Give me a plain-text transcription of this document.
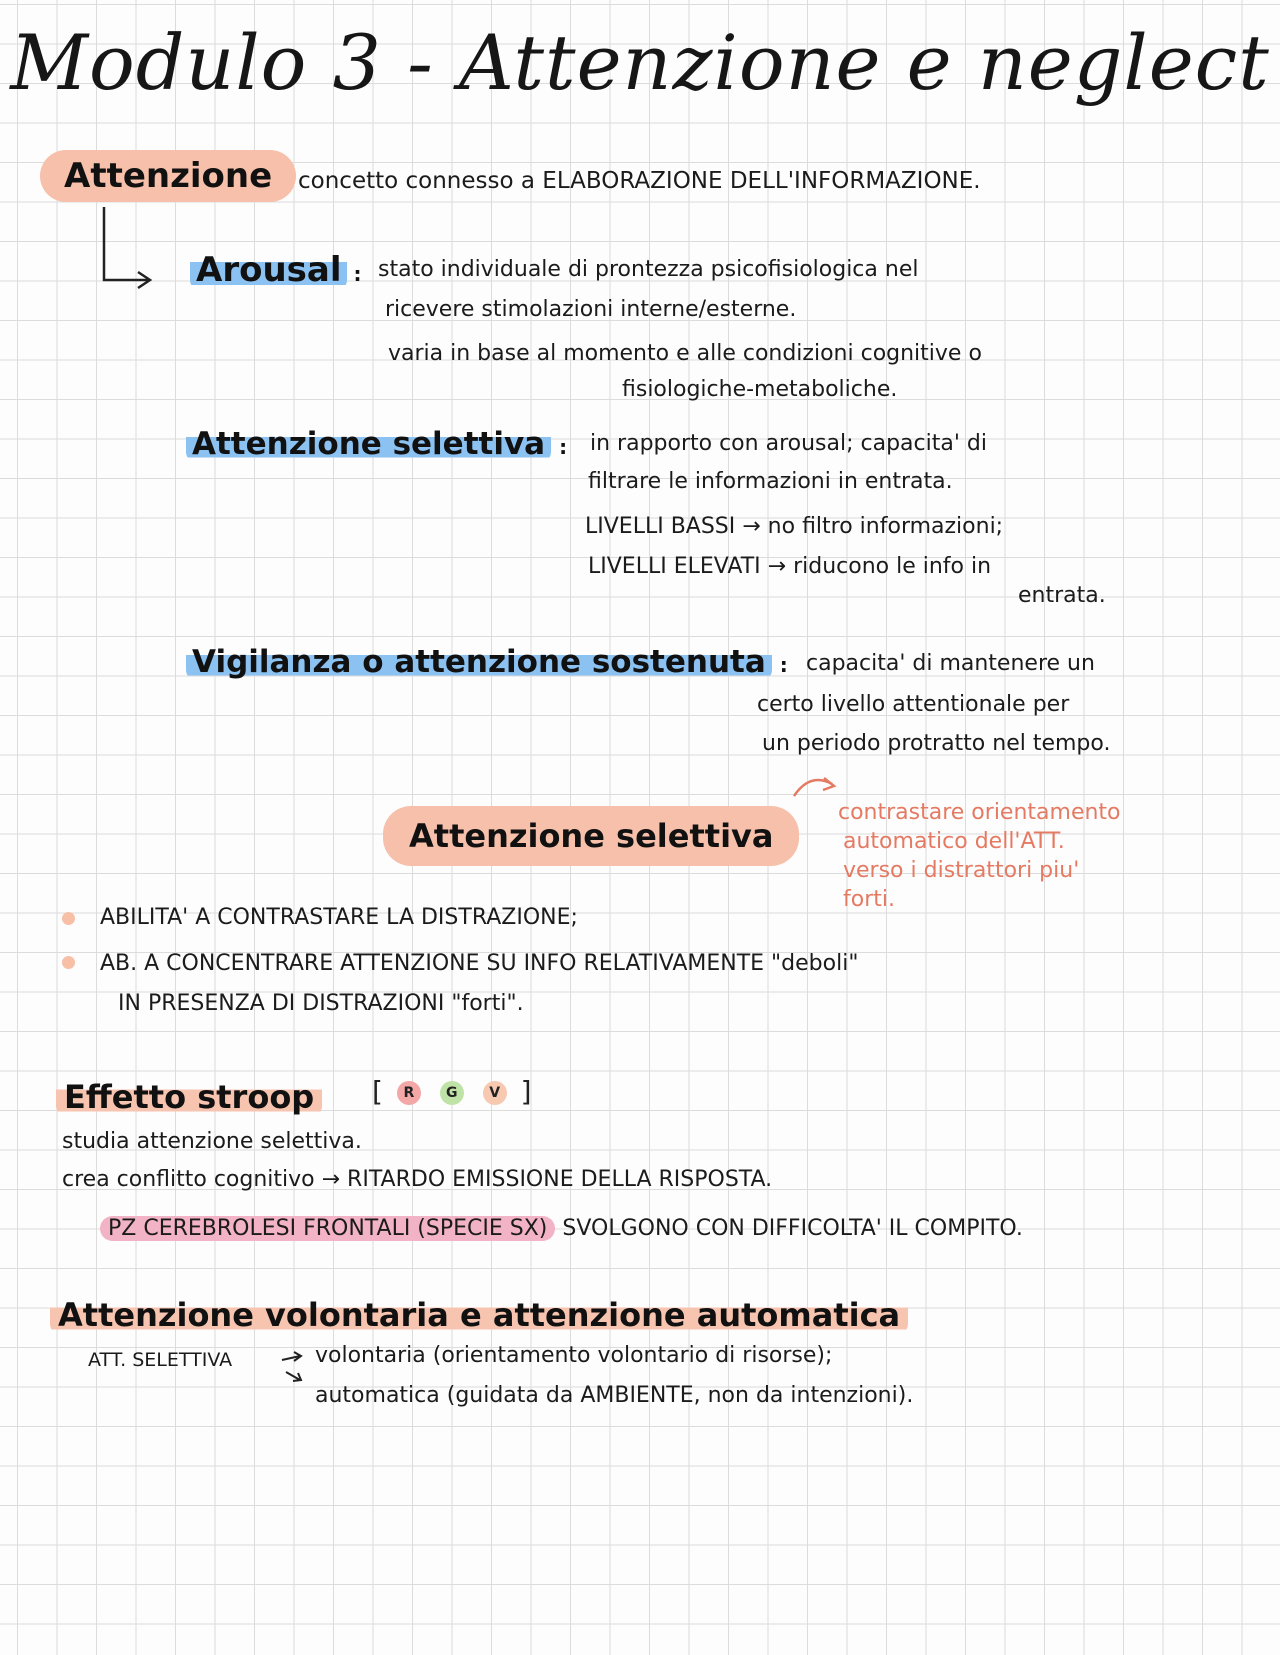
Modulo 3 - Attenzione e neglect
Attenzione	concetto connesso a ELABORAZIONE DELL'INFORMAZIONE.
Arousal : stato individuale di prontezza psicofisiologica nel
ricevere stimolazioni interne/esterne.
varia in base al momento e alle condizioni cognitive o
fisiologiche-metaboliche.
Attenzione selettiva : in rapporto con arousal; capacita' di
filtrare le informazioni in entrata.
LIVELLI BASSI → no filtro informazioni;
LIVELLI ELEVATI → riducono le info in
entrata.
Vigilanza o attenzione sostenuta : capacita' di mantenere un
certo livello attentionale per
un periodo protratto nel tempo.
contrastare orientamento
automatico dell'ATT.
verso i distrattori piu'
forti.
Attenzione selettiva
ABILITA' A CONTRASTARE LA DISTRAZIONE;
AB. A CONCENTRARE ATTENZIONE SU INFO RELATIVAMENTE "deboli"
IN PRESENZA DI DISTRAZIONI "forti".
Effetto stroop [ R G V ]
studia attenzione selettiva.
crea conflitto cognitivo → RITARDO EMISSIONE DELLA RISPOSTA.
PZ CEREBROLESI FRONTALI (SPECIE SX) SVOLGONO CON DIFFICOLTA' IL COMPITO.
Attenzione volontaria e attenzione automatica
ATT. SELETTIVA	volontaria (orientamento volontario di risorse);
automatica (guidata da AMBIENTE, non da intenzioni).
